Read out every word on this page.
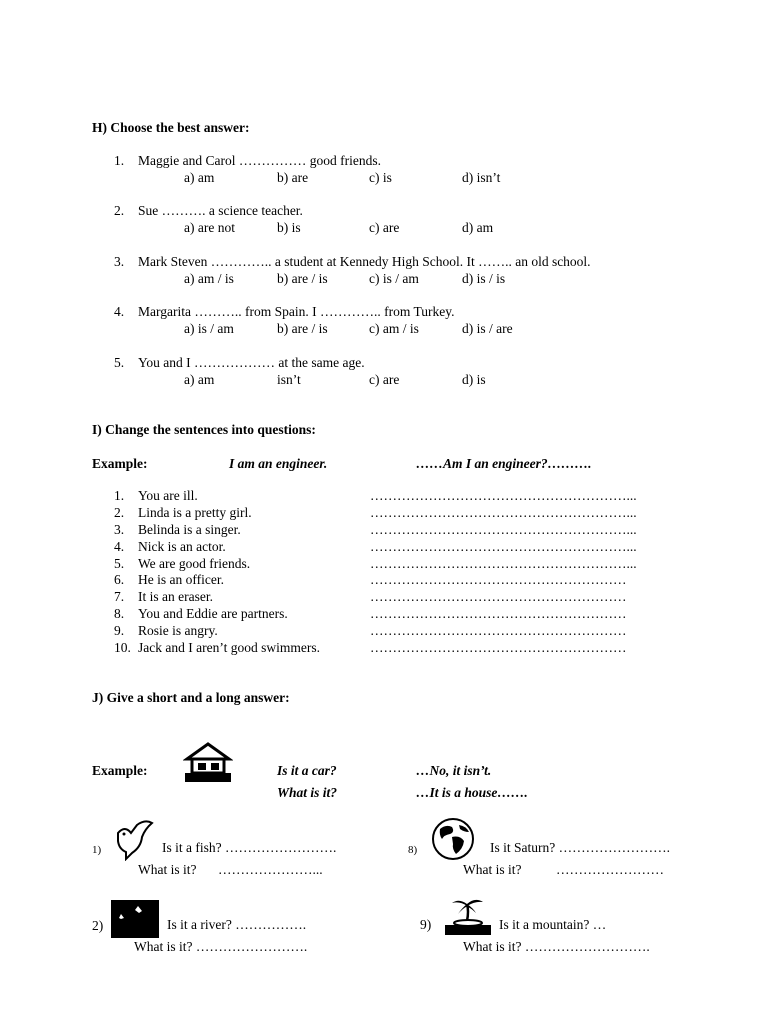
H) Choose the best answer:
1. Maggie and Carol …………… good friends.
a) am	b) are	c) is	d) isn’t
2. Sue ………. a science teacher.
a) are not	b) is	c) are	d) am
3. Mark Steven ………….. a student at Kennedy High School. It …….. an old school.
a) am / is	b) are / is	c) is / am	d) is / is
4. Margarita ……….. from Spain. I ………….. from Turkey.
a) is / am	b) are / is	c) am / is	d) is / are
5. You and I ……………… at the same age.
a) am	isn’t	c) are	d) is
I) Change the sentences into questions:
Example:	I am an engineer.	……Am I an engineer?……….
1. You are ill.	…………………………………………………...
2. Linda is a pretty girl.	…………………………………………………...
3. Belinda is a singer.	…………………………………………………...
4. Nick is an actor.	…………………………………………………...
5. We are good friends.	…………………………………………………...
6. He is an officer.	…………………………………………………
7. It is an eraser.	…………………………………………………
8. You and Eddie are partners.	…………………………………………………
9. Rosie is angry.	…………………………………………………
10. Jack and I aren’t good swimmers.	…………………………………………………
J) Give a short and a long answer:
Example:	Is it a car?	…No, it isn’t.
What is it?	…It is a house…….
1)	Is it a fish? …………………….
What is it? …………………...
8)	Is it Saturn? …………………….
What is it?	……………………
2)	Is it a river? …………….
What is it? …………………….
9)	Is it a mountain? …
What is it? ……………………….
